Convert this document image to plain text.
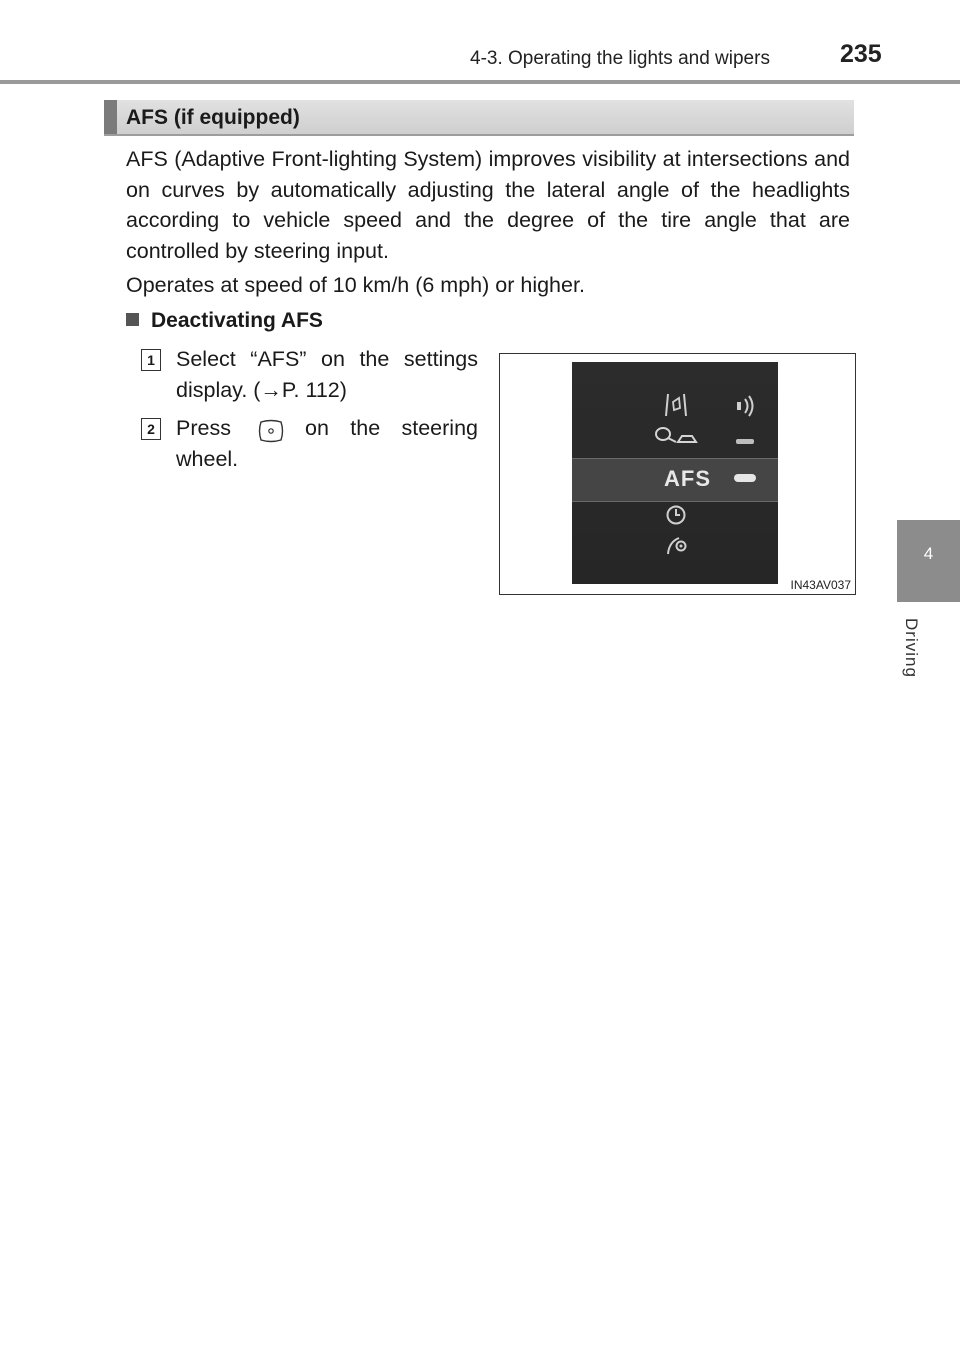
4-3. Operating the lights and wipers	235
4
Driving
AFS (if equipped)
AFS (Adaptive Front-lighting System) improves visibility at intersections and on curves by automatically adjusting the lateral angle of the headlights according to vehicle speed and the degree of the tire angle that are controlled by steering input.
Operates at speed of 10 km/h (6 mph) or higher.
Deactivating AFS
1 Select “AFS” on the settings
display. (→P. 112)
2 Press	on the steering
wheel.
AFS
IN43AV037
